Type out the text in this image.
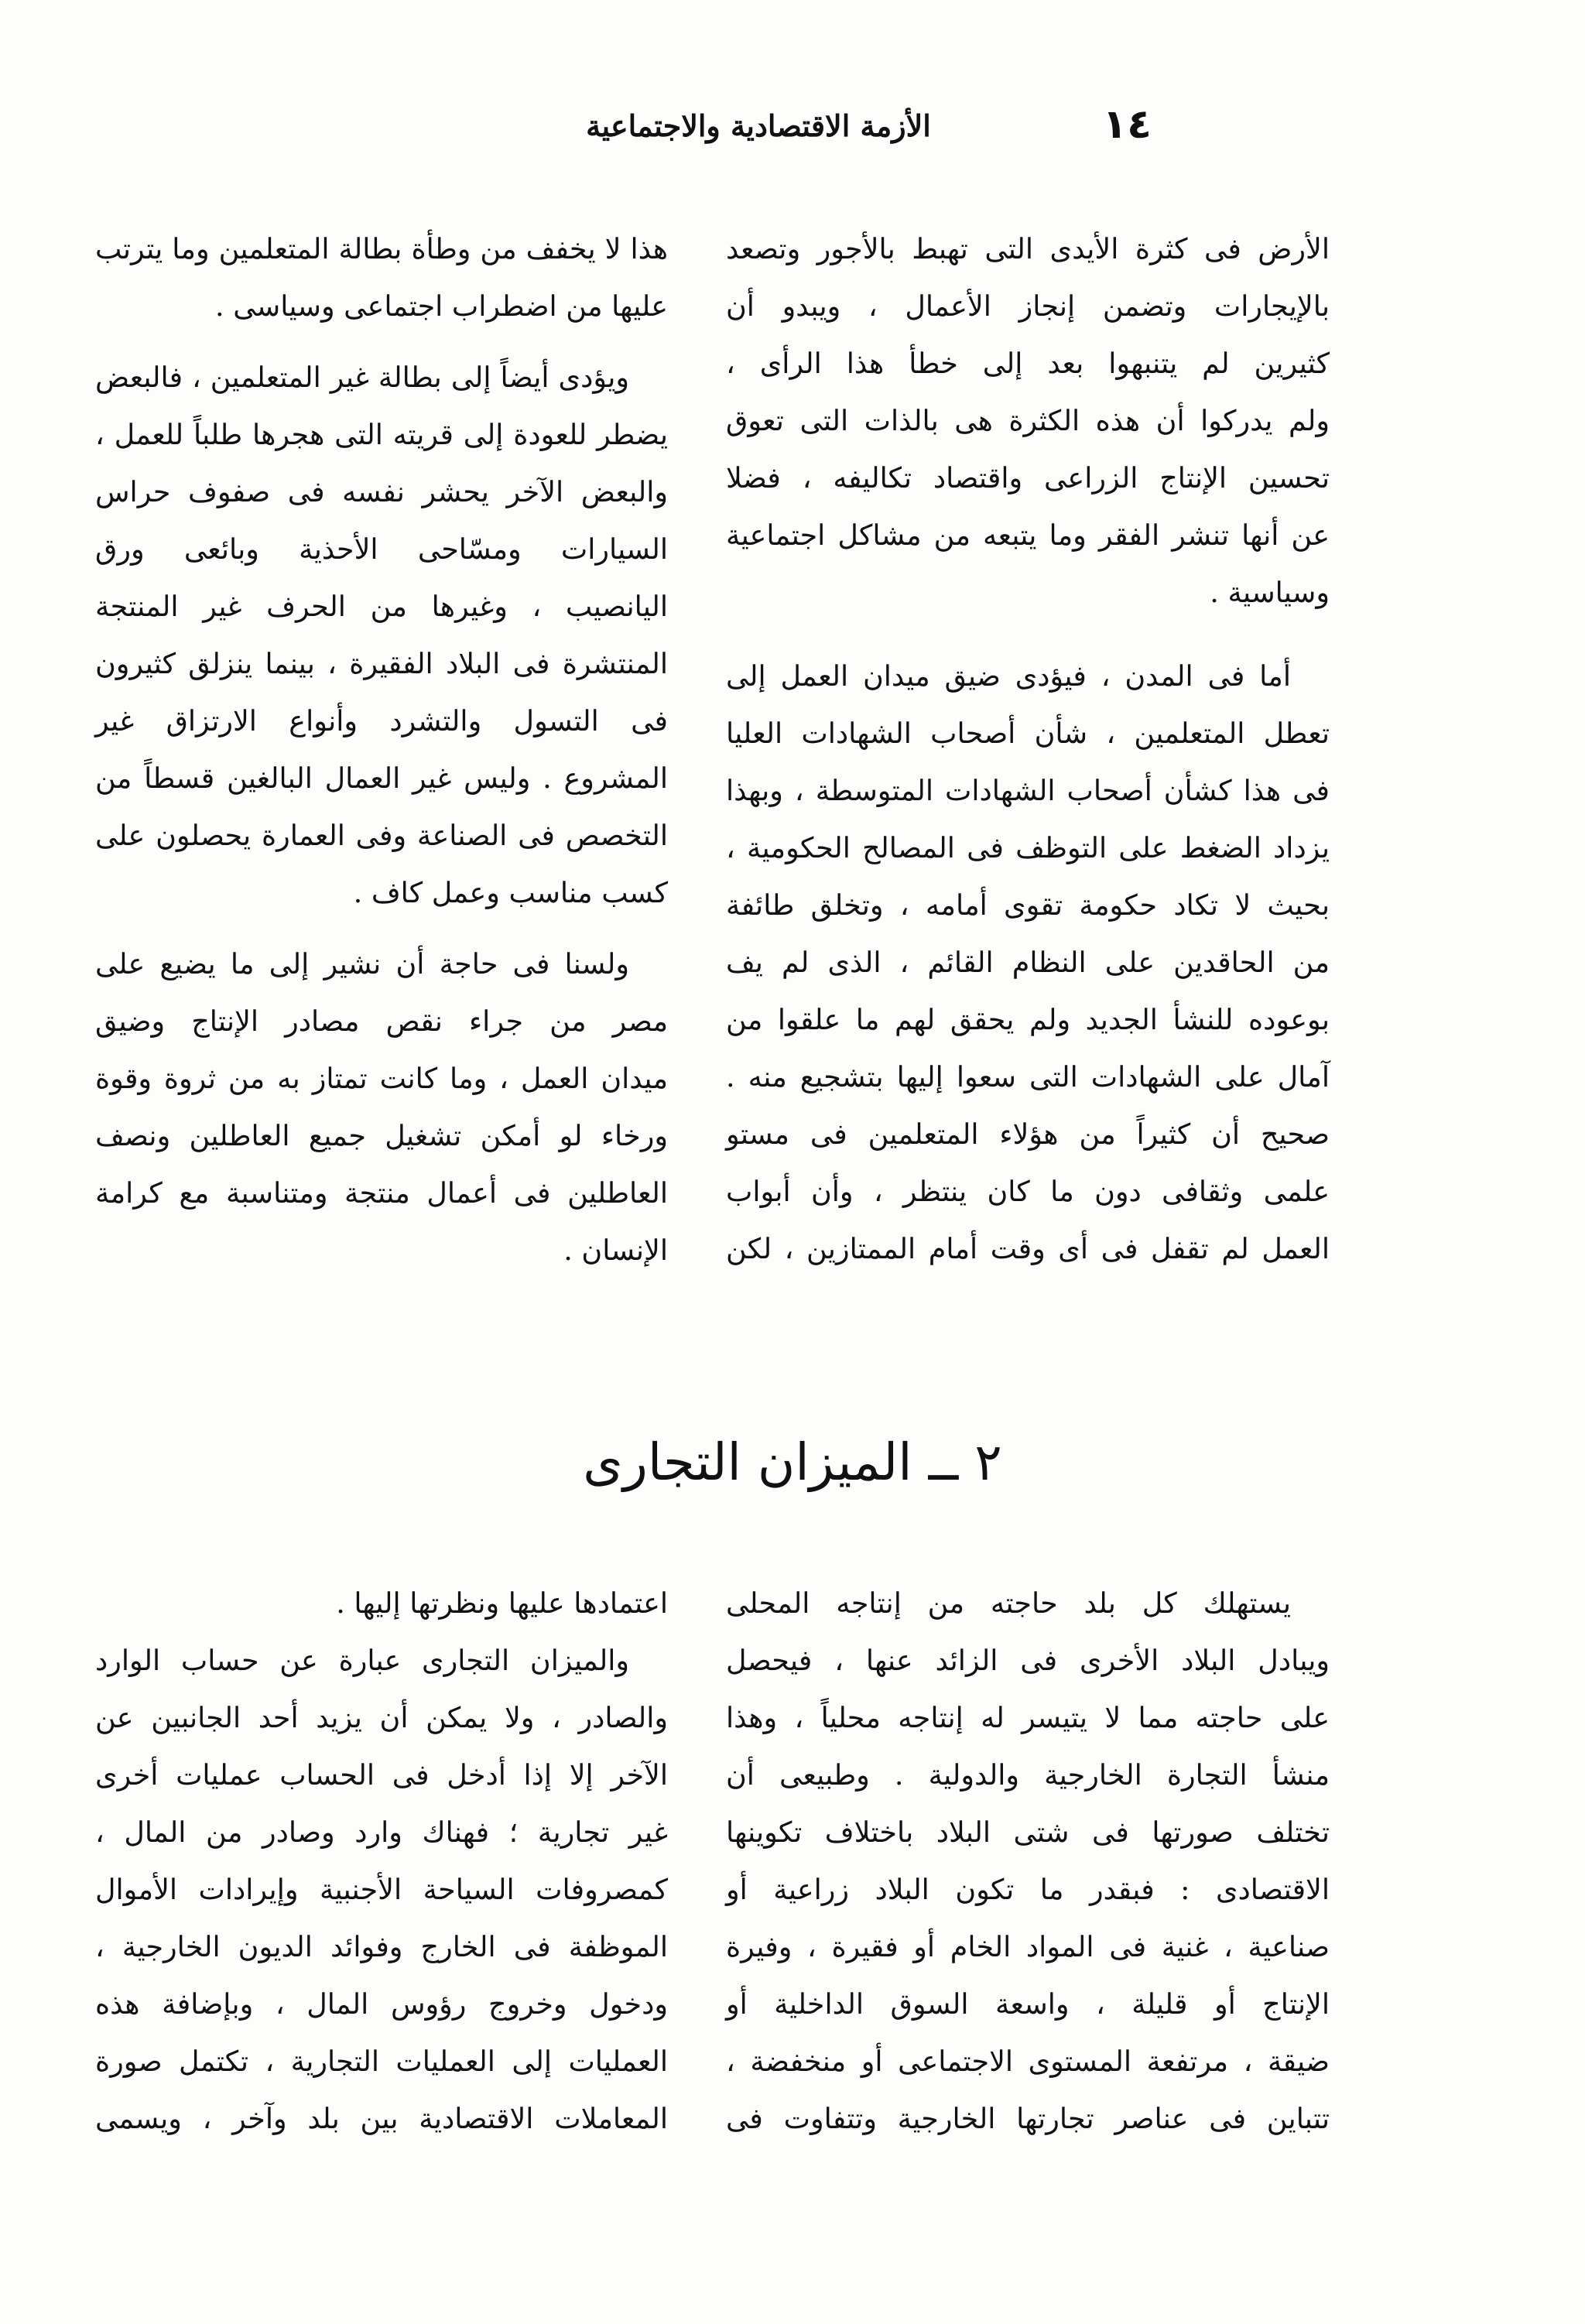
١٤
الأزمة الاقتصادية والاجتماعية
الأرض فى كثرة الأيدى التى تهبط بالأجور وتصعد
بالإيجارات وتضمن إنجاز الأعمال ، ويبدو أن
كثيرين لم يتنبهوا بعد إلى خطأ هذا الرأى ،
ولم يدركوا أن هذه الكثرة هى بالذات التى تعوق
تحسين الإنتاج الزراعى واقتصاد تكاليفه ، فضلا
عن أنها تنشر الفقر وما يتبعه من مشاكل اجتماعية
وسياسية .
أما فى المدن ، فيؤدى ضيق ميدان العمل إلى
تعطل المتعلمين ، شأن أصحاب الشهادات العليا
فى هذا كشأن أصحاب الشهادات المتوسطة ، وبهذا
يزداد الضغط على التوظف فى المصالح الحكومية ،
بحيث لا تكاد حكومة تقوى أمامه ، وتخلق طائفة
من الحاقدين على النظام القائم ، الذى لم يف
بوعوده للنشأ الجديد ولم يحقق لهم ما علقوا من
آمال على الشهادات التى سعوا إليها بتشجيع منه .
صحيح أن كثيراً من هؤلاء المتعلمين فى مستو
علمى وثقافى دون ما كان ينتظر ، وأن أبواب
العمل لم تقفل فى أى وقت أمام الممتازين ، لكن
هذا لا يخفف من وطأة بطالة المتعلمين وما يترتب
عليها من اضطراب اجتماعى وسياسى .
ويؤدى أيضاً إلى بطالة غير المتعلمين ، فالبعض
يضطر للعودة إلى قريته التى هجرها طلباً للعمل ،
والبعض الآخر يحشر نفسه فى صفوف حراس
السيارات ومسّاحى الأحذية وبائعى ورق
اليانصيب ، وغيرها من الحرف غير المنتجة
المنتشرة فى البلاد الفقيرة ، بينما ينزلق كثيرون
فى التسول والتشرد وأنواع الارتزاق غير
المشروع . وليس غير العمال البالغين قسطاً من
التخصص فى الصناعة وفى العمارة يحصلون على
كسب مناسب وعمل كاف .
ولسنا فى حاجة أن نشير إلى ما يضيع على
مصر من جراء نقص مصادر الإنتاج وضيق
ميدان العمل ، وما كانت تمتاز به من ثروة وقوة
ورخاء لو أمكن تشغيل جميع العاطلين ونصف
العاطلين فى أعمال منتجة ومتناسبة مع كرامة
الإنسان .
٢ ــ الميزان التجارى
يستهلك كل بلد حاجته من إنتاجه المحلى
ويبادل البلاد الأخرى فى الزائد عنها ، فيحصل
على حاجته مما لا يتيسر له إنتاجه محلياً ، وهذا
منشأ التجارة الخارجية والدولية . وطبيعى أن
تختلف صورتها فى شتى البلاد باختلاف تكوينها
الاقتصادى : فبقدر ما تكون البلاد زراعية أو
صناعية ، غنية فى المواد الخام أو فقيرة ، وفيرة
الإنتاج أو قليلة ، واسعة السوق الداخلية أو
ضيقة ، مرتفعة المستوى الاجتماعى أو منخفضة ،
تتباين فى عناصر تجارتها الخارجية وتتفاوت فى
اعتمادها عليها ونظرتها إليها .
والميزان التجارى عبارة عن حساب الوارد
والصادر ، ولا يمكن أن يزيد أحد الجانبين عن
الآخر إلا إذا أدخل فى الحساب عمليات أخرى
غير تجارية ؛ فهناك وارد وصادر من المال ،
كمصروفات السياحة الأجنبية وإيرادات الأموال
الموظفة فى الخارج وفوائد الديون الخارجية ،
ودخول وخروج رؤوس المال ، وبإضافة هذه
العمليات إلى العمليات التجارية ، تكتمل صورة
المعاملات الاقتصادية بين بلد وآخر ، ويسمى
